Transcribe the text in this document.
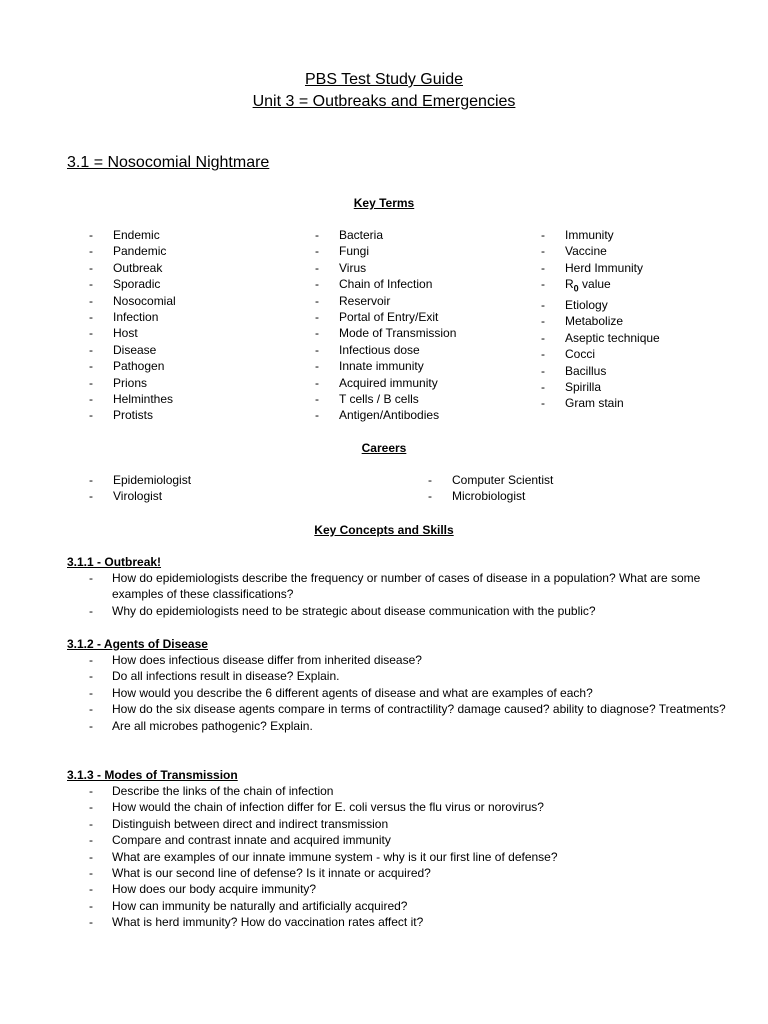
PBS Test Study Guide
Unit 3 = Outbreaks and Emergencies
3.1 = Nosocomial Nightmare
Key Terms
- Endemic
- Pandemic
- Outbreak
- Sporadic
- Nosocomial
- Infection
- Host
- Disease
- Pathogen
- Prions
- Helminthes
- Protists
- Bacteria
- Fungi
- Virus
- Chain of Infection
- Reservoir
- Portal of Entry/Exit
- Mode of Transmission
- Infectious dose
- Innate immunity
- Acquired immunity
- T cells / B cells
- Antigen/Antibodies
- Immunity
- Vaccine
- Herd Immunity
- $R_0$ value
- Etiology
- Metabolize
- Aseptic technique
- Cocci
- Bacillus
- Spirilla
- Gram stain
Careers
- Epidemiologist
- Virologist
- Computer Scientist
- Microbiologist
Key Concepts and Skills
3.1.1 - Outbreak!
- How do epidemiologists describe the frequency or number of cases of disease in a population? What are some examples of these classifications?
- Why do epidemiologists need to be strategic about disease communication with the public?
3.1.2 - Agents of Disease
- How does infectious disease differ from inherited disease?
- Do all infections result in disease? Explain.
- How would you describe the 6 different agents of disease and what are examples of each?
- How do the six disease agents compare in terms of contractility? damage caused? ability to diagnose? Treatments?
- Are all microbes pathogenic? Explain.
3.1.3 - Modes of Transmission
- Describe the links of the chain of infection
- How would the chain of infection differ for E. coli versus the flu virus or norovirus?
- Distinguish between direct and indirect transmission
- Compare and contrast innate and acquired immunity
- What are examples of our innate immune system - why is it our first line of defense?
- What is our second line of defense? Is it innate or acquired?
- How does our body acquire immunity?
- How can immunity be naturally and artificially acquired?
- What is herd immunity? How do vaccination rates affect it?
